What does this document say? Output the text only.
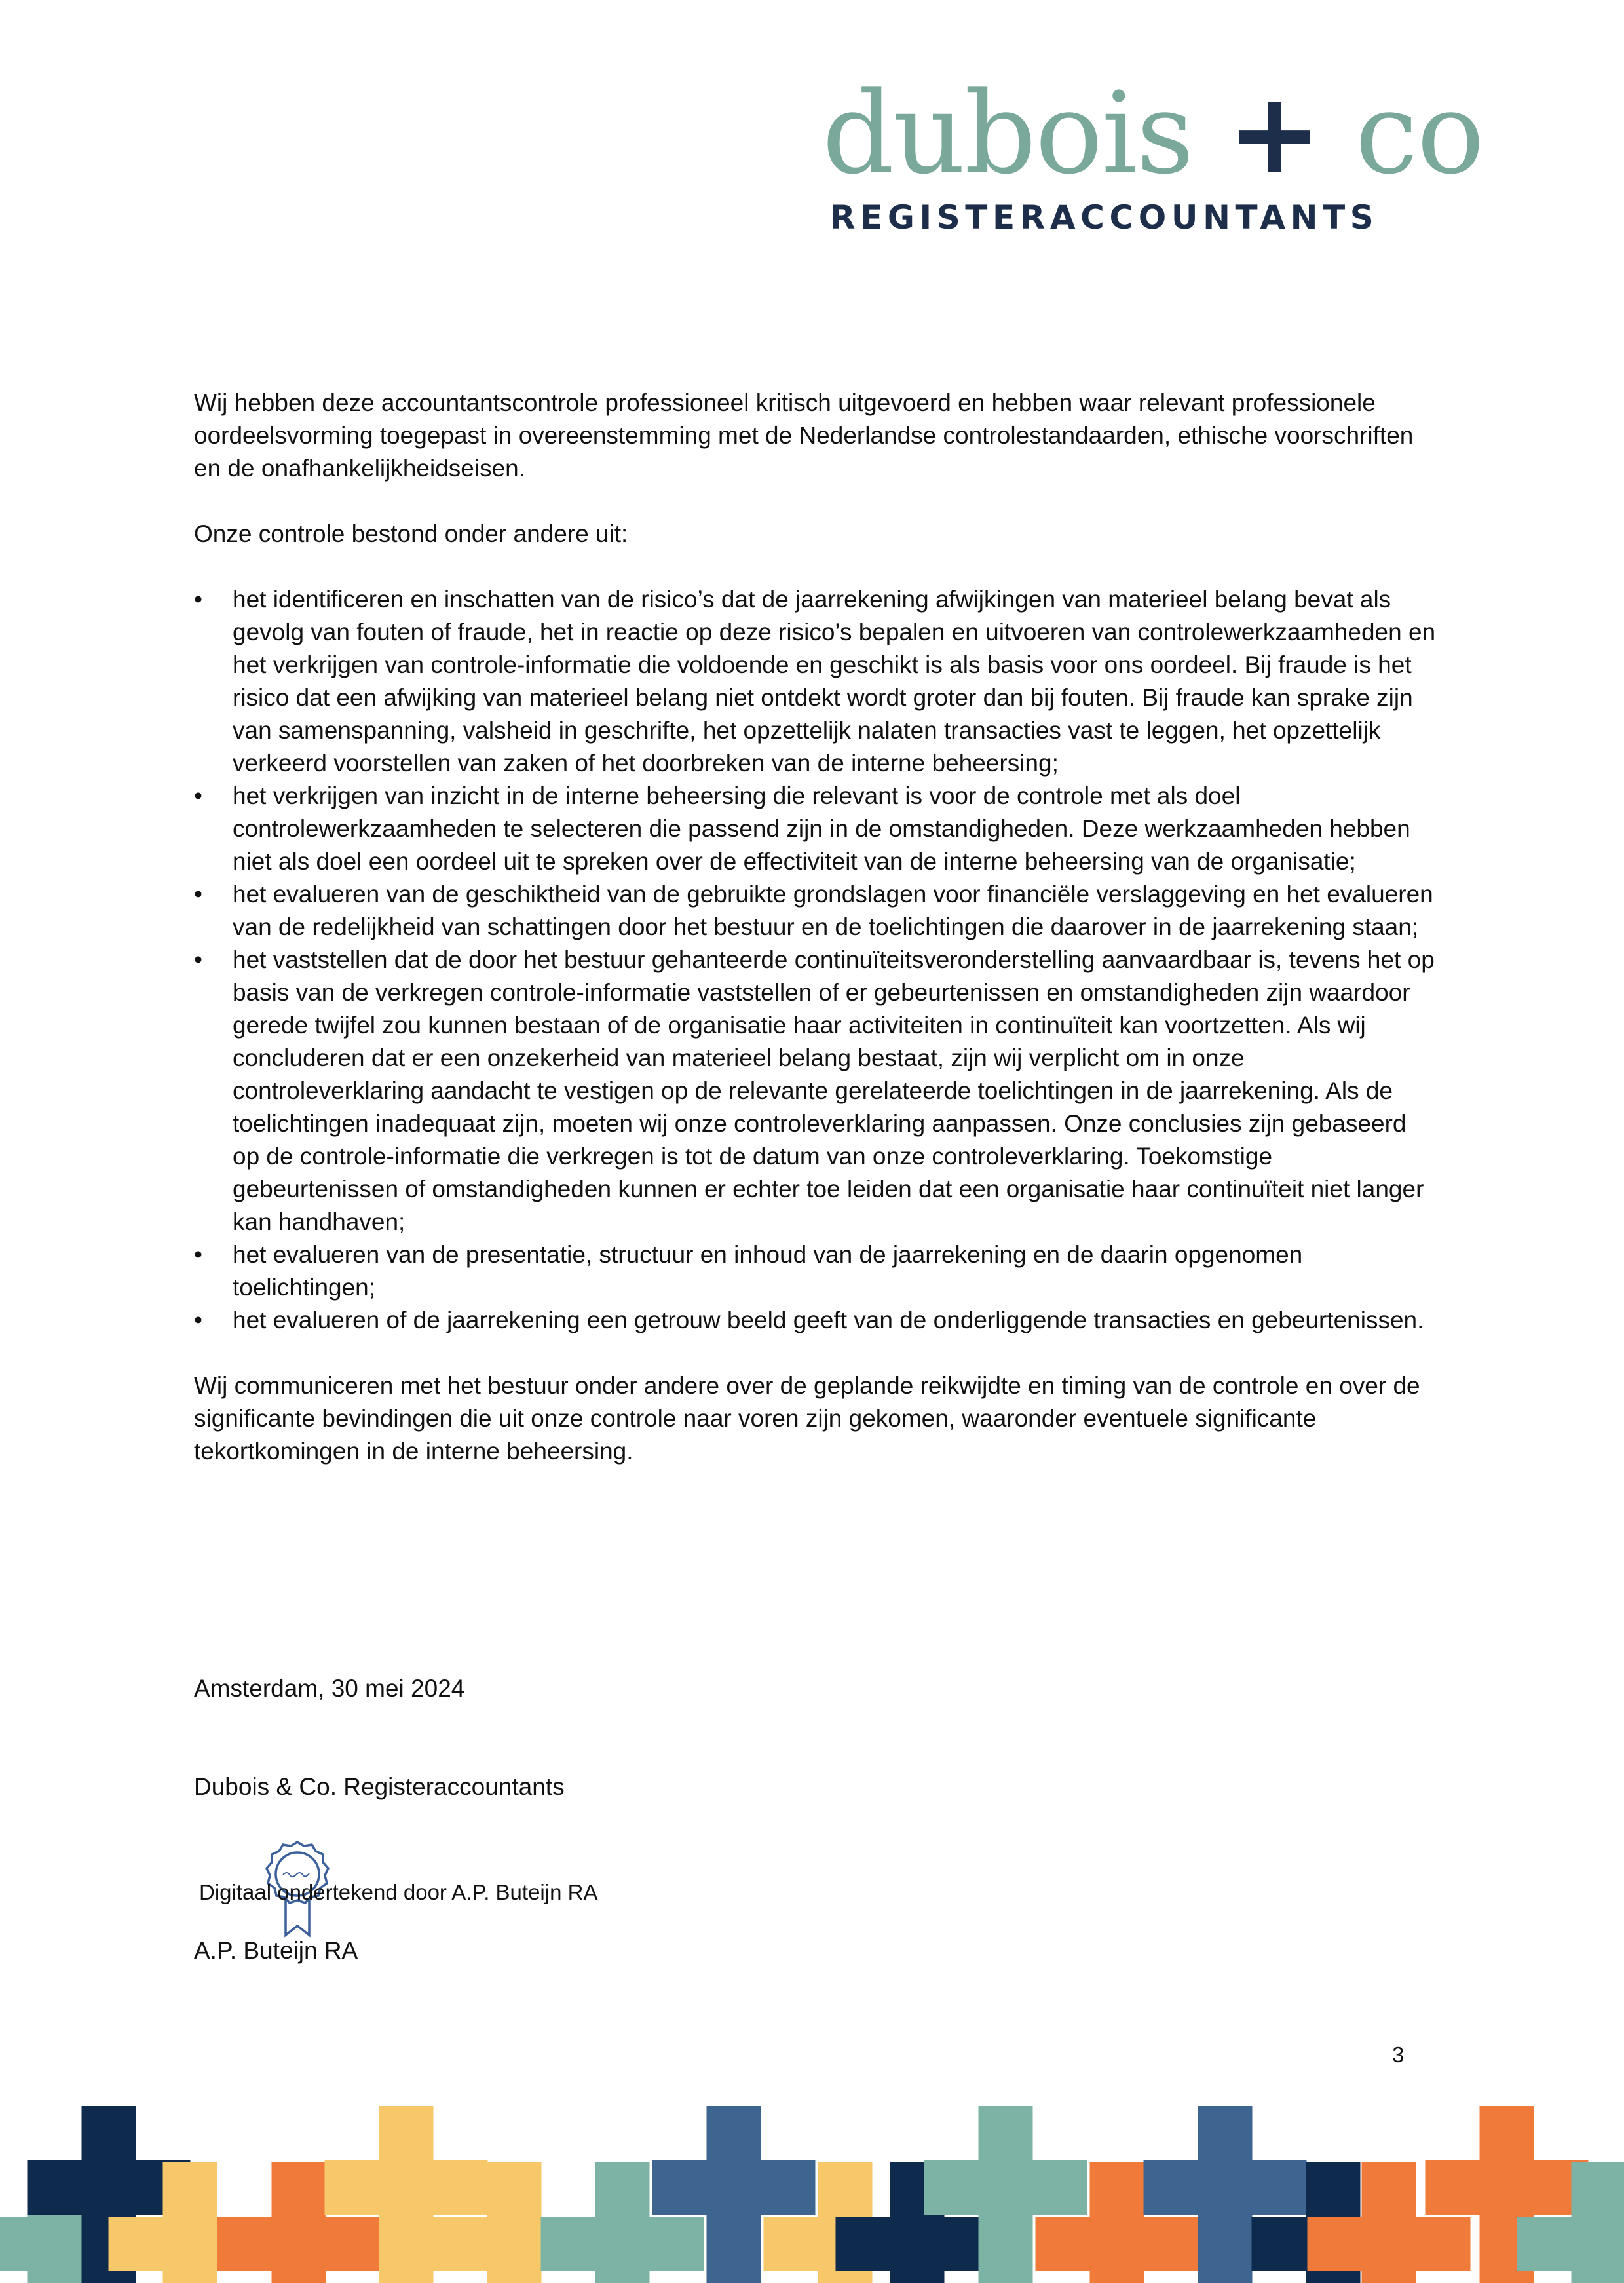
dubois + co
REGISTERACCOUNTANTS

Wij hebben deze accountantscontrole professioneel kritisch uitgevoerd en hebben waar relevant professionele oordeelsvorming toegepast in overeenstemming met de Nederlandse controlestandaarden, ethische voorschriften en de onafhankelijkheidseisen.

Onze controle bestond onder andere uit:

• het identificeren en inschatten van de risico’s dat de jaarrekening afwijkingen van materieel belang bevat als gevolg van fouten of fraude, het in reactie op deze risico’s bepalen en uitvoeren van controlewerkzaamheden en het verkrijgen van controle-informatie die voldoende en geschikt is als basis voor ons oordeel. Bij fraude is het risico dat een afwijking van materieel belang niet ontdekt wordt groter dan bij fouten. Bij fraude kan sprake zijn van samenspanning, valsheid in geschrifte, het opzettelijk nalaten transacties vast te leggen, het opzettelijk verkeerd voorstellen van zaken of het doorbreken van de interne beheersing;
• het verkrijgen van inzicht in de interne beheersing die relevant is voor de controle met als doel controlewerkzaamheden te selecteren die passend zijn in de omstandigheden. Deze werkzaamheden hebben niet als doel een oordeel uit te spreken over de effectiviteit van de interne beheersing van de organisatie;
• het evalueren van de geschiktheid van de gebruikte grondslagen voor financiële verslaggeving en het evalueren van de redelijkheid van schattingen door het bestuur en de toelichtingen die daarover in de jaarrekening staan;
• het vaststellen dat de door het bestuur gehanteerde continuïteitsveronderstelling aanvaardbaar is, tevens het op basis van de verkregen controle-informatie vaststellen of er gebeurtenissen en omstandigheden zijn waardoor gerede twijfel zou kunnen bestaan of de organisatie haar activiteiten in continuïteit kan voortzetten. Als wij concluderen dat er een onzekerheid van materieel belang bestaat, zijn wij verplicht om in onze controleverklaring aandacht te vestigen op de relevante gerelateerde toelichtingen in de jaarrekening. Als de toelichtingen inadequaat zijn, moeten wij onze controleverklaring aanpassen. Onze conclusies zijn gebaseerd op de controle-informatie die verkregen is tot de datum van onze controleverklaring. Toekomstige gebeurtenissen of omstandigheden kunnen er echter toe leiden dat een organisatie haar continuïteit niet langer kan handhaven;
• het evalueren van de presentatie, structuur en inhoud van de jaarrekening en de daarin opgenomen toelichtingen;
• het evalueren of de jaarrekening een getrouw beeld geeft van de onderliggende transacties en gebeurtenissen.

Wij communiceren met het bestuur onder andere over de geplande reikwijdte en timing van de controle en over de significante bevindingen die uit onze controle naar voren zijn gekomen, waaronder eventuele significante tekortkomingen in de interne beheersing.

Amsterdam, 30 mei 2024
Dubois & Co. Registeraccountants
Digitaal ondertekend door A.P. Buteijn RA
A.P. Buteijn RA
3
